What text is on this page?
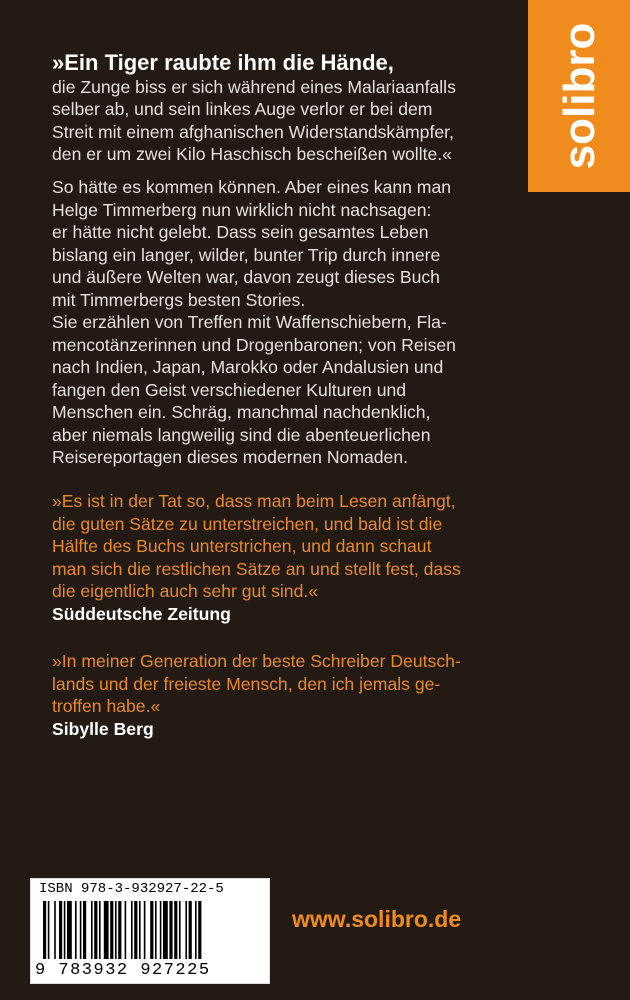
solibro
»Ein Tiger raubte ihm die Hände,
die Zunge biss er sich während eines Malariaanfalls
selber ab, und sein linkes Auge verlor er bei dem
Streit mit einem afghanischen Widerstandskämpfer,
den er um zwei Kilo Haschisch bescheißen wollte.«
So hätte es kommen können. Aber eines kann man
Helge Timmerberg nun wirklich nicht nachsagen:
er hätte nicht gelebt. Dass sein gesamtes Leben
bislang ein langer, wilder, bunter Trip durch innere
und äußere Welten war, davon zeugt dieses Buch
mit Timmerbergs besten Stories.
Sie erzählen von Treffen mit Waffenschiebern, Fla-
mencotänzerinnen und Drogenbaronen; von Reisen
nach Indien, Japan, Marokko oder Andalusien und
fangen den Geist verschiedener Kulturen und
Menschen ein. Schräg, manchmal nachdenklich,
aber niemals langweilig sind die abenteuerlichen
Reisereportagen dieses modernen Nomaden.
»Es ist in der Tat so, dass man beim Lesen anfängt,
die guten Sätze zu unterstreichen, und bald ist die
Hälfte des Buchs unterstrichen, und dann schaut
man sich die restlichen Sätze an und stellt fest, dass
die eigentlich auch sehr gut sind.«
Süddeutsche Zeitung
»In meiner Generation der beste Schreiber Deutsch-
lands und der freieste Mensch, den ich jemals ge-
troffen habe.«
Sibylle Berg
ISBN 978-3-932927-22-5
9 783932 927225
www.solibro.de
